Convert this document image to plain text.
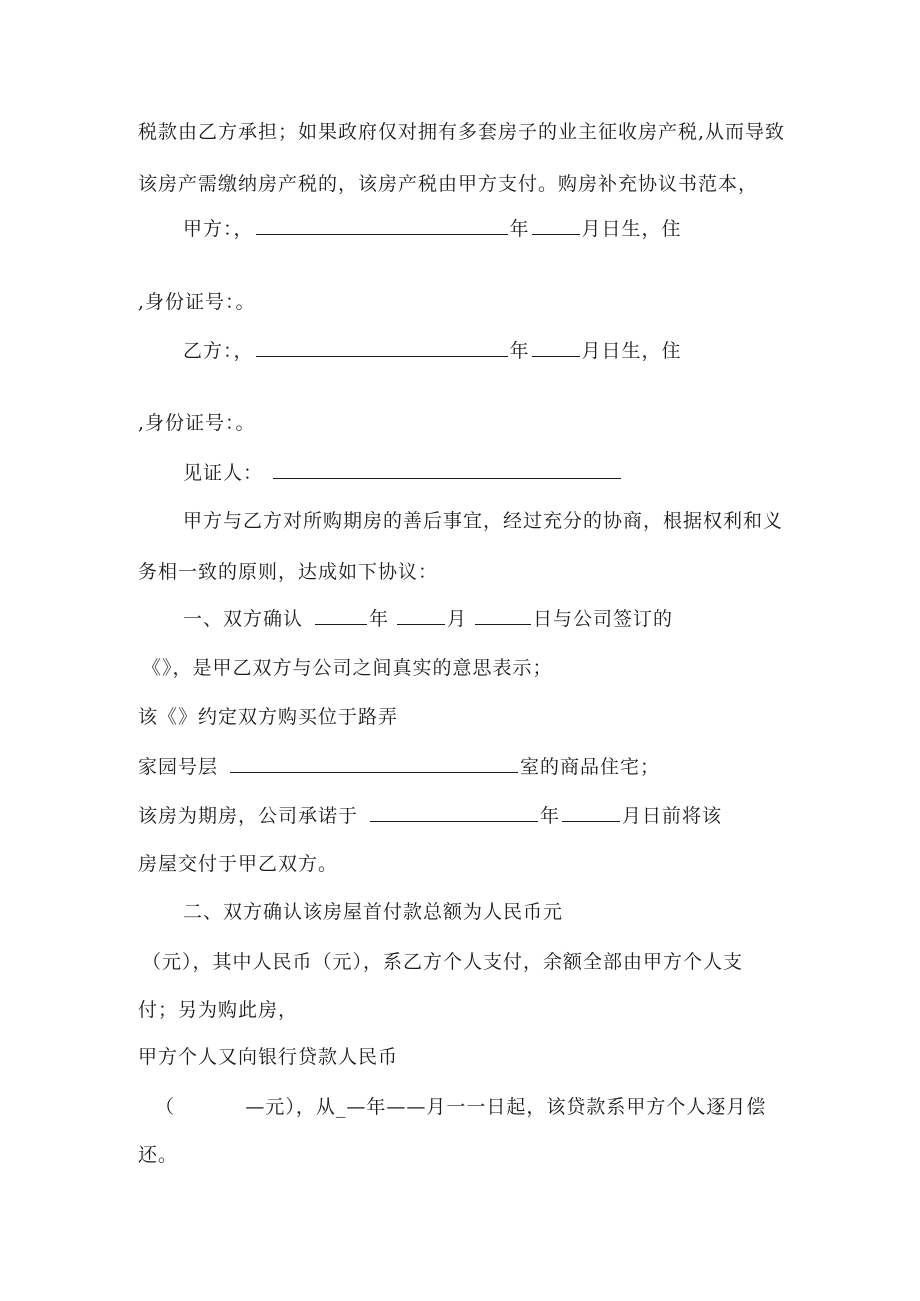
税款由乙方承担；如果政府仅对拥有多套房子的业主征收房产税,从而导致
该房产需缴纳房产税的，该房产税由甲方支付。购房补充协议书范本，
甲方：，	年	月日生，住
,身份证号：。
乙方：，	年	月日生，住
,身份证号：。
见证人：
甲方与乙方对所购期房的善后事宜，经过充分的协商，根据权利和义
务相一致的原则，达成如下协议：
一、双方确认	年	月	日与公司签订的
《》，是甲乙双方与公司之间真实的意思表示；
该《》约定双方购买位于路弄
家园号层	室的商品住宅；
该房为期房，公司承诺于	年	月日前将该
房屋交付于甲乙双方。
二、双方确认该房屋首付款总额为人民币元
（元），其中人民币（元），系乙方个人支付，余额全部由甲方个人支
付；另为购此房，
甲方个人又向银行贷款人民币
（          —元），从_—年——月一一日起，该贷款系甲方个人逐月偿
还。
